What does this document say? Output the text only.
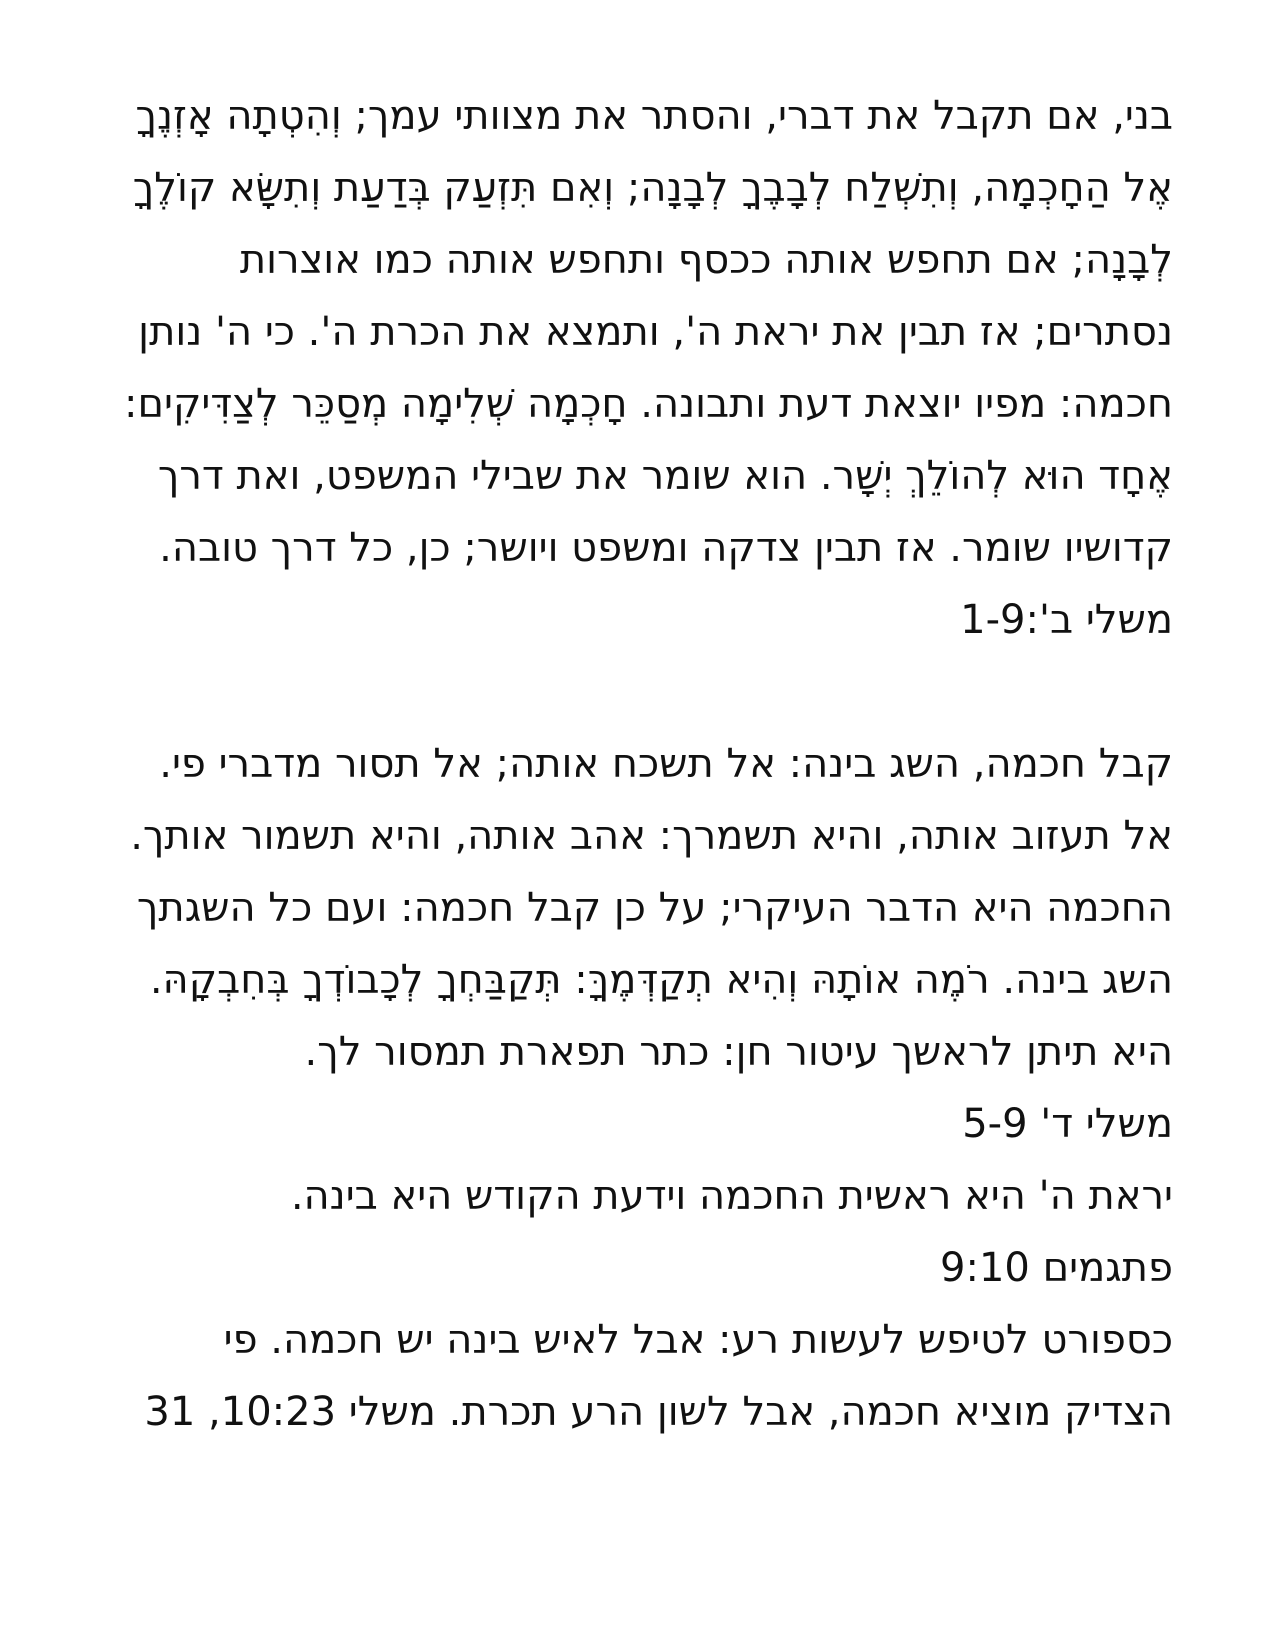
בני, אם תקבל את דברי, והסתר את מצוותי עמך; וְהִטְתָה אָזְנֶךָ
אֶל הַחָכְמָה, וְתִשְׁלַח לְבָבֶךָ לְבָנָה; וְאִם תִּזְעַק בְּדַעַת וְתִשָּׂא קוֹלֶךָ
לְבָנָה; אם תחפש אותה ככסף ותחפש אותה כמו אוצרות
נסתרים; אז תבין את יראת ה', ותמצא את הכרת ה'. כי ה' נותן
חכמה: מפיו יוצאת דעת ותבונה. חָכְמָה שְׁלִימָה מְסַכֵּר לְצַדִּיקִים:
אֶחָד הוּא לְהוֹלֵךְ יְשָׁר. הוא שומר את שבילי המשפט, ואת דרך
קדושיו שומר. אז תבין צדקה ומשפט ויושר; כן, כל דרך טובה.
משלי ב':1-9
קבל חכמה, השג בינה: אל תשכח אותה; אל תסור מדברי פי.
אל תעזוב אותה, והיא תשמרך: אהב אותה, והיא תשמור אותך.
החכמה היא הדבר העיקרי; על כן קבל חכמה: ועם כל השגתך
השג בינה. רֹמֶה אוֹתָהּ וְהִיא תְקַדְּמֶךָּ: תְּקַבַּחְךָ לְכָבוֹדְךָ בְּחִבְקָהּ.
היא תיתן לראשך עיטור חן: כתר תפארת תמסור לך.
משלי ד' 5-9
יראת ה' היא ראשית החכמה וידעת הקודש היא בינה.
פתגמים 9:10
כספורט לטיפש לעשות רע: אבל לאיש בינה יש חכמה. פי
הצדיק מוציא חכמה, אבל לשון הרע תכרת. משלי 10:23, 31
